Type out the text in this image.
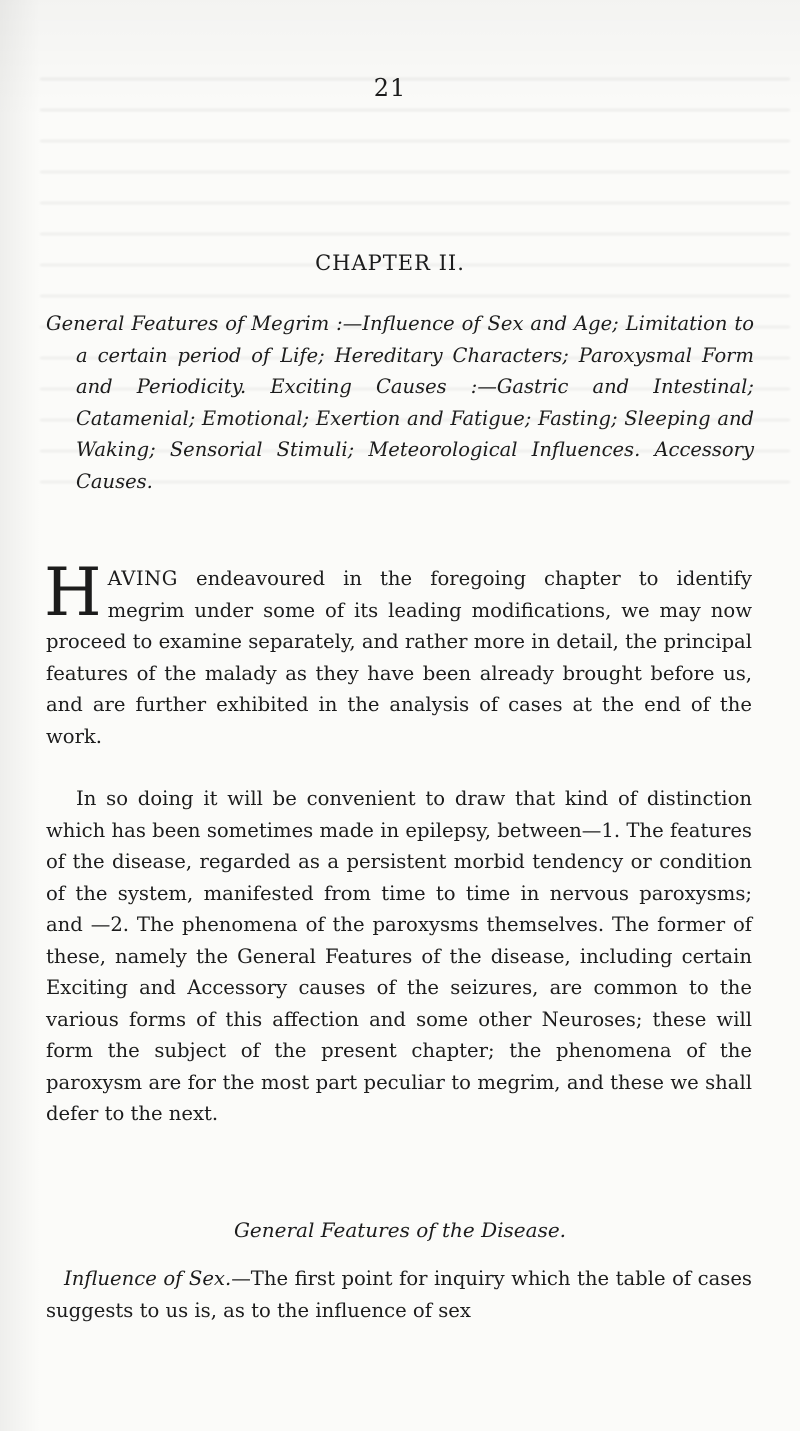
21
CHAPTER II.

General Features of Megrim :—Influence of Sex and Age; Limitation to a certain period of Life; Hereditary Characters; Paroxysmal Form and Periodicity. Exciting Causes :—Gastric and Intestinal; Catamenial; Emotional; Exertion and Fatigue; Fasting; Sleeping and Waking; Sensorial Stimuli; Meteorological Influences. Accessory Causes.

HAVING endeavoured in the foregoing chapter to identify megrim under some of its leading modifications, we may now proceed to examine separately, and rather more in detail, the principal features of the malady as they have been already brought before us, and are further exhibited in the analysis of cases at the end of the work.

In so doing it will be convenient to draw that kind of distinction which has been sometimes made in epilepsy, between—1. The features of the disease, regarded as a persistent morbid tendency or condition of the system, manifested from time to time in nervous paroxysms; and —2. The phenomena of the paroxysms themselves. The former of these, namely the General Features of the disease, including certain Exciting and Accessory causes of the seizures, are common to the various forms of this affection and some other Neuroses; these will form the subject of the present chapter; the phenomena of the paroxysm are for the most part peculiar to megrim, and these we shall defer to the next.

General Features of the Disease.

Influence of Sex.—The first point for inquiry which the table of cases suggests to us is, as to the influence of sex
